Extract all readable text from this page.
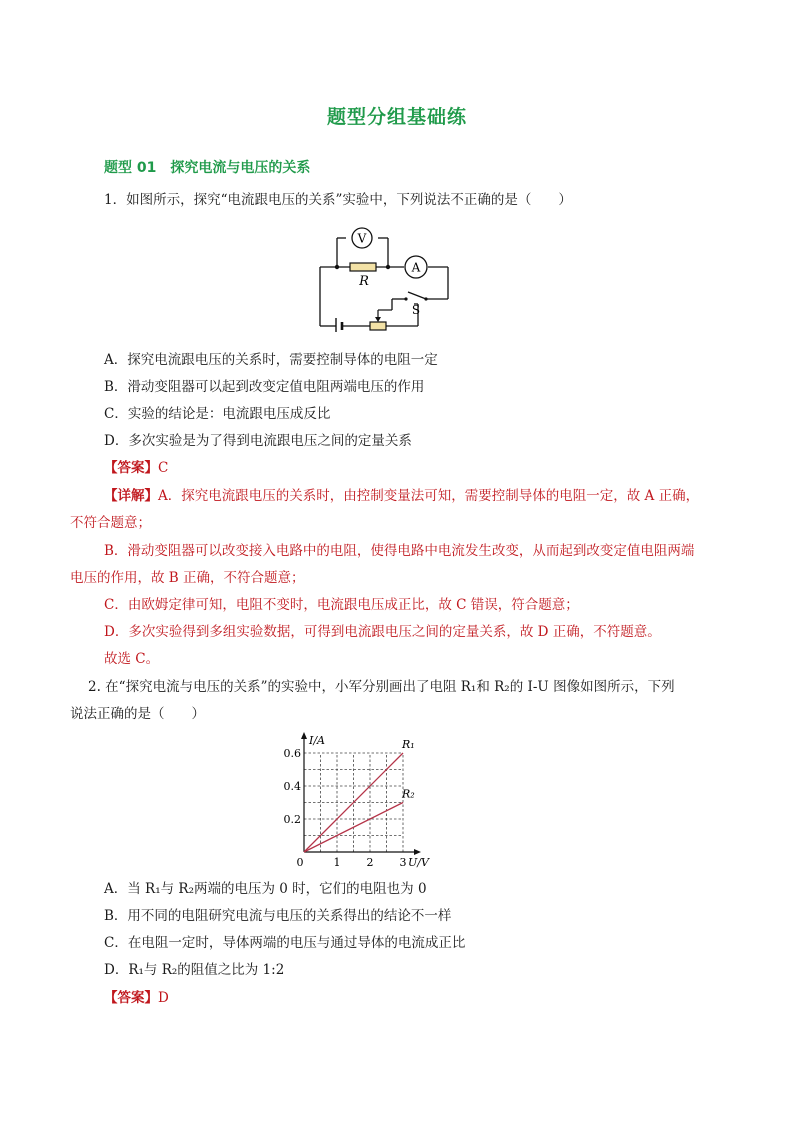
题型分组基础练
题型 01 探究电流与电压的关系
1．如图所示，探究“电流跟电压的关系”实验中，下列说法不正确的是（　　）
V
R
A
S
A．探究电流跟电压的关系时，需要控制导体的电阻一定
B．滑动变阻器可以起到改变定值电阻两端电压的作用
C．实验的结论是：电流跟电压成反比
D．多次实验是为了得到电流跟电压之间的定量关系
【答案】C
【详解】A．探究电流跟电压的关系时，由控制变量法可知，需要控制导体的电阻一定，故 A 正确，
不符合题意；
B．滑动变阻器可以改变接入电路中的电阻，使得电路中电流发生改变，从而起到改变定值电阻两端
电压的作用，故 B 正确，不符合题意；
C．由欧姆定律可知，电阻不变时，电流跟电压成正比，故 C 错误，符合题意；
D．多次实验得到多组实验数据，可得到电流跟电压之间的定量关系，故 D 正确，不符题意。
故选 C。
2. 在“探究电流与电压的关系”的实验中，小军分别画出了电阻 R₁和 R₂的 I-U 图像如图所示，下列
说法正确的是（　　）
R₁
R₂
0	1 2 3
0.2
0.4
0.6
I/A
U/V
A．当 R₁与 R₂两端的电压为 0 时，它们的电阻也为 0
B．用不同的电阻研究电流与电压的关系得出的结论不一样
C．在电阻一定时，导体两端的电压与通过导体的电流成正比
D．R₁与 R₂的阻值之比为 1:2
【答案】D
